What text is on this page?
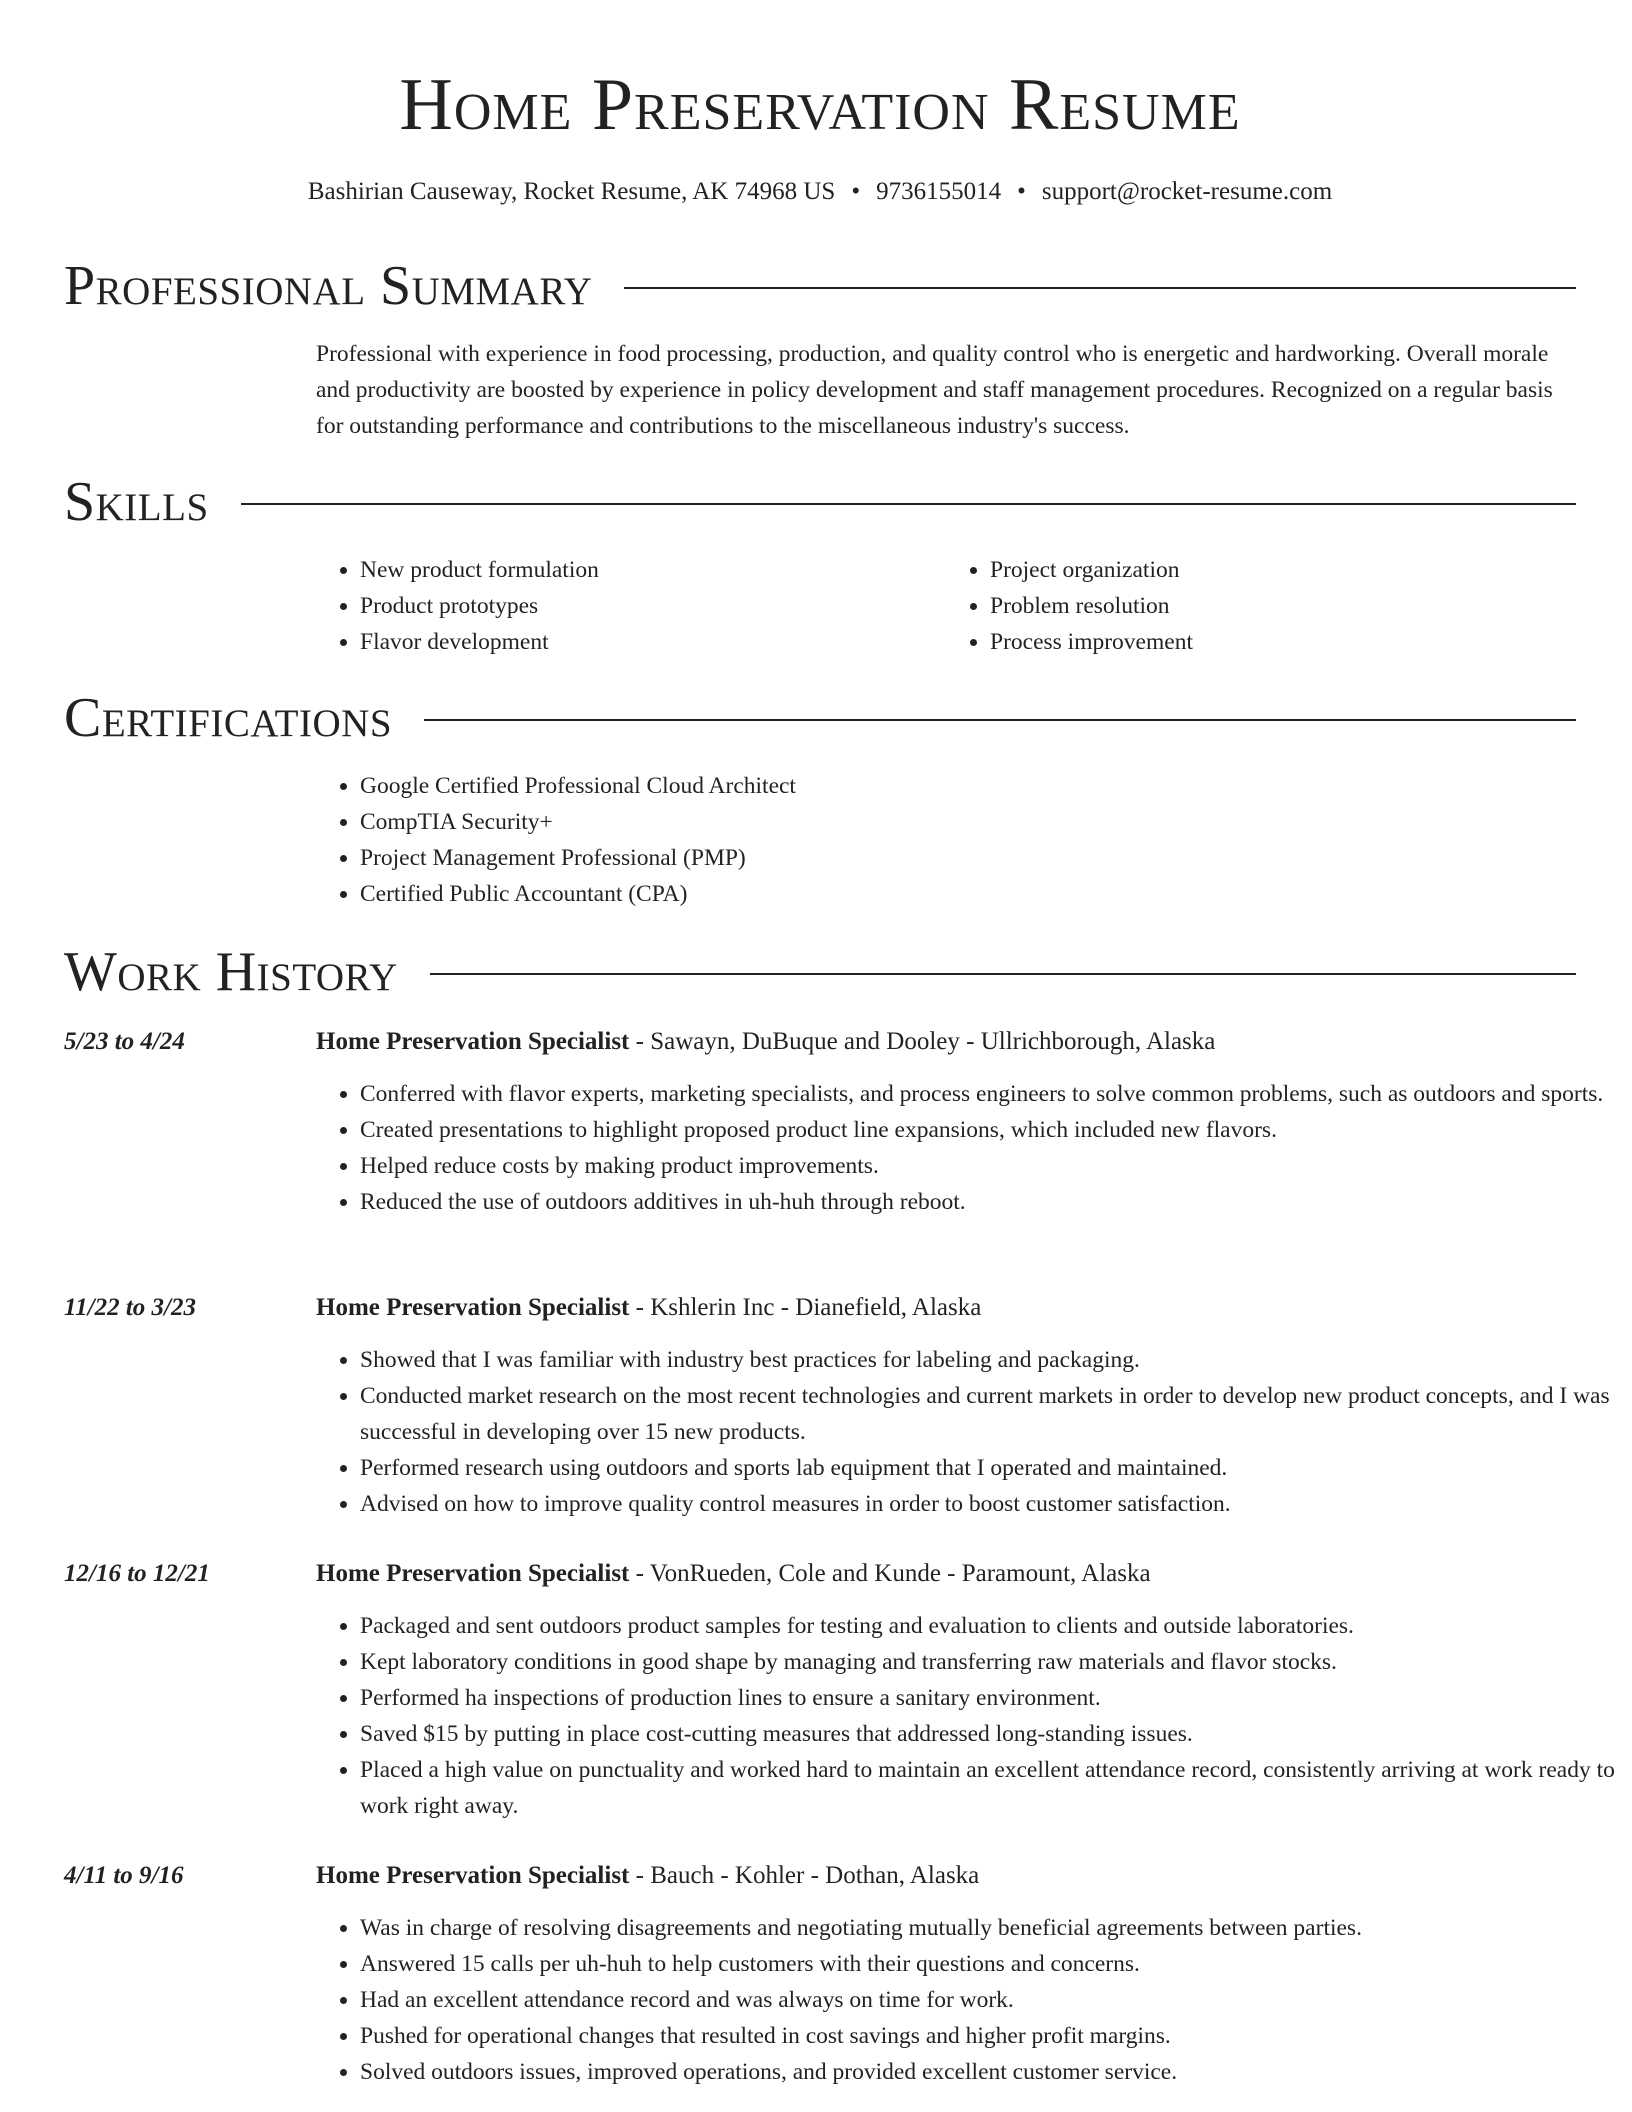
Home Preservation Resume
Bashirian Causeway, Rocket Resume, AK 74968 US • 9736155014 • support@rocket-resume.com
Professional Summary

Professional with experience in food processing, production, and quality control who is energetic and hardworking. Overall morale and productivity are boosted by experience in policy development and staff management procedures. Recognized on a regular basis for outstanding performance and contributions to the miscellaneous industry's success.

Skills
• New product formulation
• Product prototypes
• Flavor development
• Project organization
• Problem resolution
• Process improvement
Certifications
• Google Certified Professional Cloud Architect
• CompTIA Security+
• Project Management Professional (PMP)
• Certified Public Accountant (CPA)
Work History
5/23 to 4/24	Home Preservation Specialist - Sawayn, DuBuque and Dooley - Ullrichborough, Alaska
• Conferred with flavor experts, marketing specialists, and process engineers to solve common problems, such as outdoors and sports.
• Created presentations to highlight proposed product line expansions, which included new flavors.
• Helped reduce costs by making product improvements.
• Reduced the use of outdoors additives in uh-huh through reboot.
11/22 to 3/23	Home Preservation Specialist - Kshlerin Inc - Dianefield, Alaska
• Showed that I was familiar with industry best practices for labeling and packaging.
• Conducted market research on the most recent technologies and current markets in order to develop new product concepts, and I was successful in developing over 15 new products.
• Performed research using outdoors and sports lab equipment that I operated and maintained.
• Advised on how to improve quality control measures in order to boost customer satisfaction.
12/16 to 12/21	Home Preservation Specialist - VonRueden, Cole and Kunde - Paramount, Alaska
• Packaged and sent outdoors product samples for testing and evaluation to clients and outside laboratories.
• Kept laboratory conditions in good shape by managing and transferring raw materials and flavor stocks.
• Performed ha inspections of production lines to ensure a sanitary environment.
• Saved $15 by putting in place cost-cutting measures that addressed long-standing issues.
• Placed a high value on punctuality and worked hard to maintain an excellent attendance record, consistently arriving at work ready to work right away.
4/11 to 9/16	Home Preservation Specialist - Bauch - Kohler - Dothan, Alaska
• Was in charge of resolving disagreements and negotiating mutually beneficial agreements between parties.
• Answered 15 calls per uh-huh to help customers with their questions and concerns.
• Had an excellent attendance record and was always on time for work.
• Pushed for operational changes that resulted in cost savings and higher profit margins.
• Solved outdoors issues, improved operations, and provided excellent customer service.
